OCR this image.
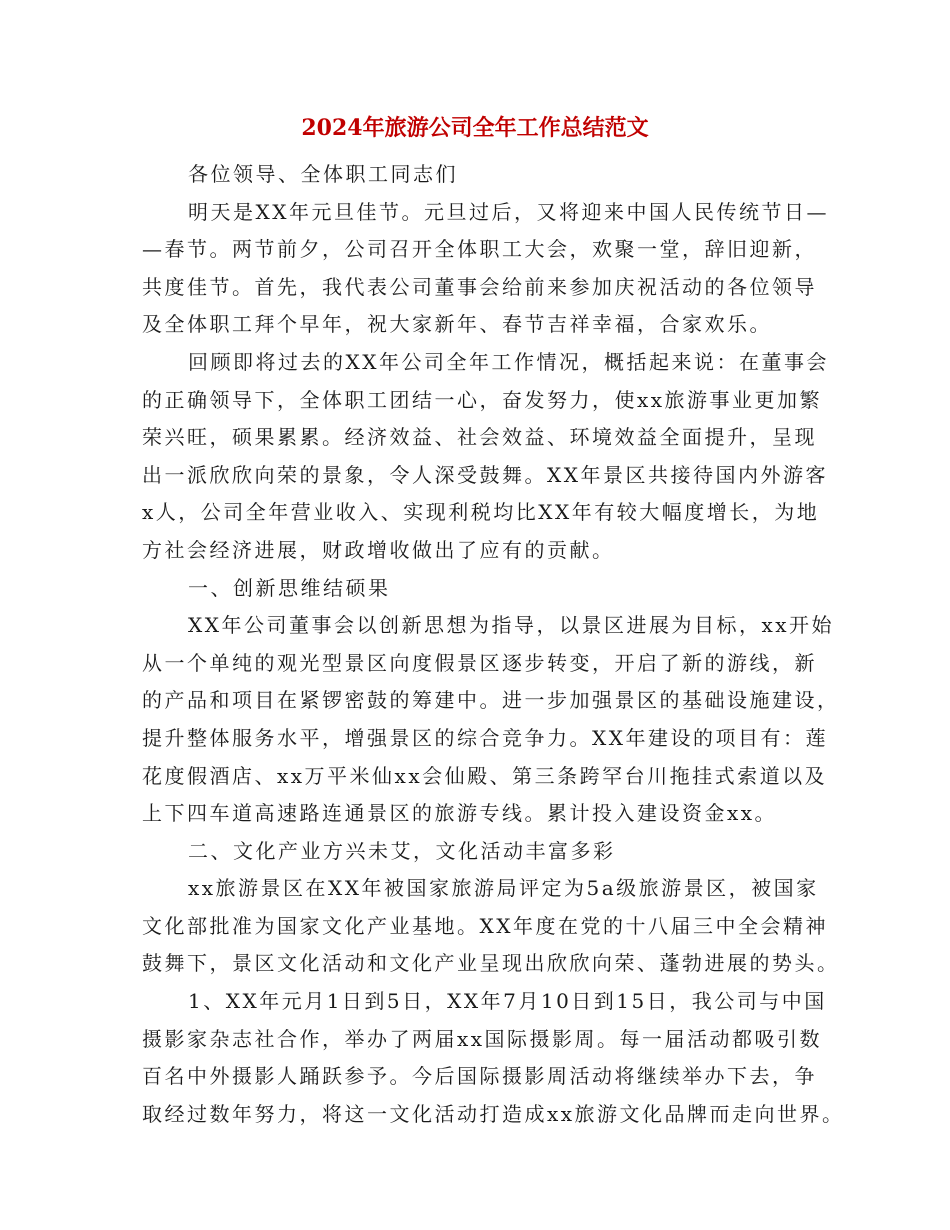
2024年旅游公司全年工作总结范文
各位领导、全体职工同志们
明天是XX年元旦佳节。元旦过后，又将迎来中国人民传统节日—
—春节。两节前夕，公司召开全体职工大会，欢聚一堂，辞旧迎新，
共度佳节。首先，我代表公司董事会给前来参加庆祝活动的各位领导
及全体职工拜个早年，祝大家新年、春节吉祥幸福，合家欢乐。
回顾即将过去的XX年公司全年工作情况，概括起来说：在董事会
的正确领导下，全体职工团结一心，奋发努力，使xx旅游事业更加繁
荣兴旺，硕果累累。经济效益、社会效益、环境效益全面提升，呈现
出一派欣欣向荣的景象，令人深受鼓舞。XX年景区共接待国内外游客
x人，公司全年营业收入、实现利税均比XX年有较大幅度增长，为地
方社会经济进展，财政增收做出了应有的贡献。
一、创新思维结硕果
XX年公司董事会以创新思想为指导，以景区进展为目标，xx开始
从一个单纯的观光型景区向度假景区逐步转变，开启了新的游线，新
的产品和项目在紧锣密鼓的筹建中。进一步加强景区的基础设施建设，
提升整体服务水平，增强景区的综合竞争力。XX年建设的项目有：莲
花度假酒店、xx万平米仙xx会仙殿、第三条跨罕台川拖挂式索道以及
上下四车道高速路连通景区的旅游专线。累计投入建设资金xx。
二、文化产业方兴未艾，文化活动丰富多彩
xx旅游景区在XX年被国家旅游局评定为5a级旅游景区，被国家
文化部批准为国家文化产业基地。XX年度在党的十八届三中全会精神
鼓舞下，景区文化活动和文化产业呈现出欣欣向荣、蓬勃进展的势头。
1、XX年元月1日到5日，XX年7月10日到15日，我公司与中国
摄影家杂志社合作，举办了两届xx国际摄影周。每一届活动都吸引数
百名中外摄影人踊跃参予。今后国际摄影周活动将继续举办下去，争
取经过数年努力，将这一文化活动打造成xx旅游文化品牌而走向世界。
